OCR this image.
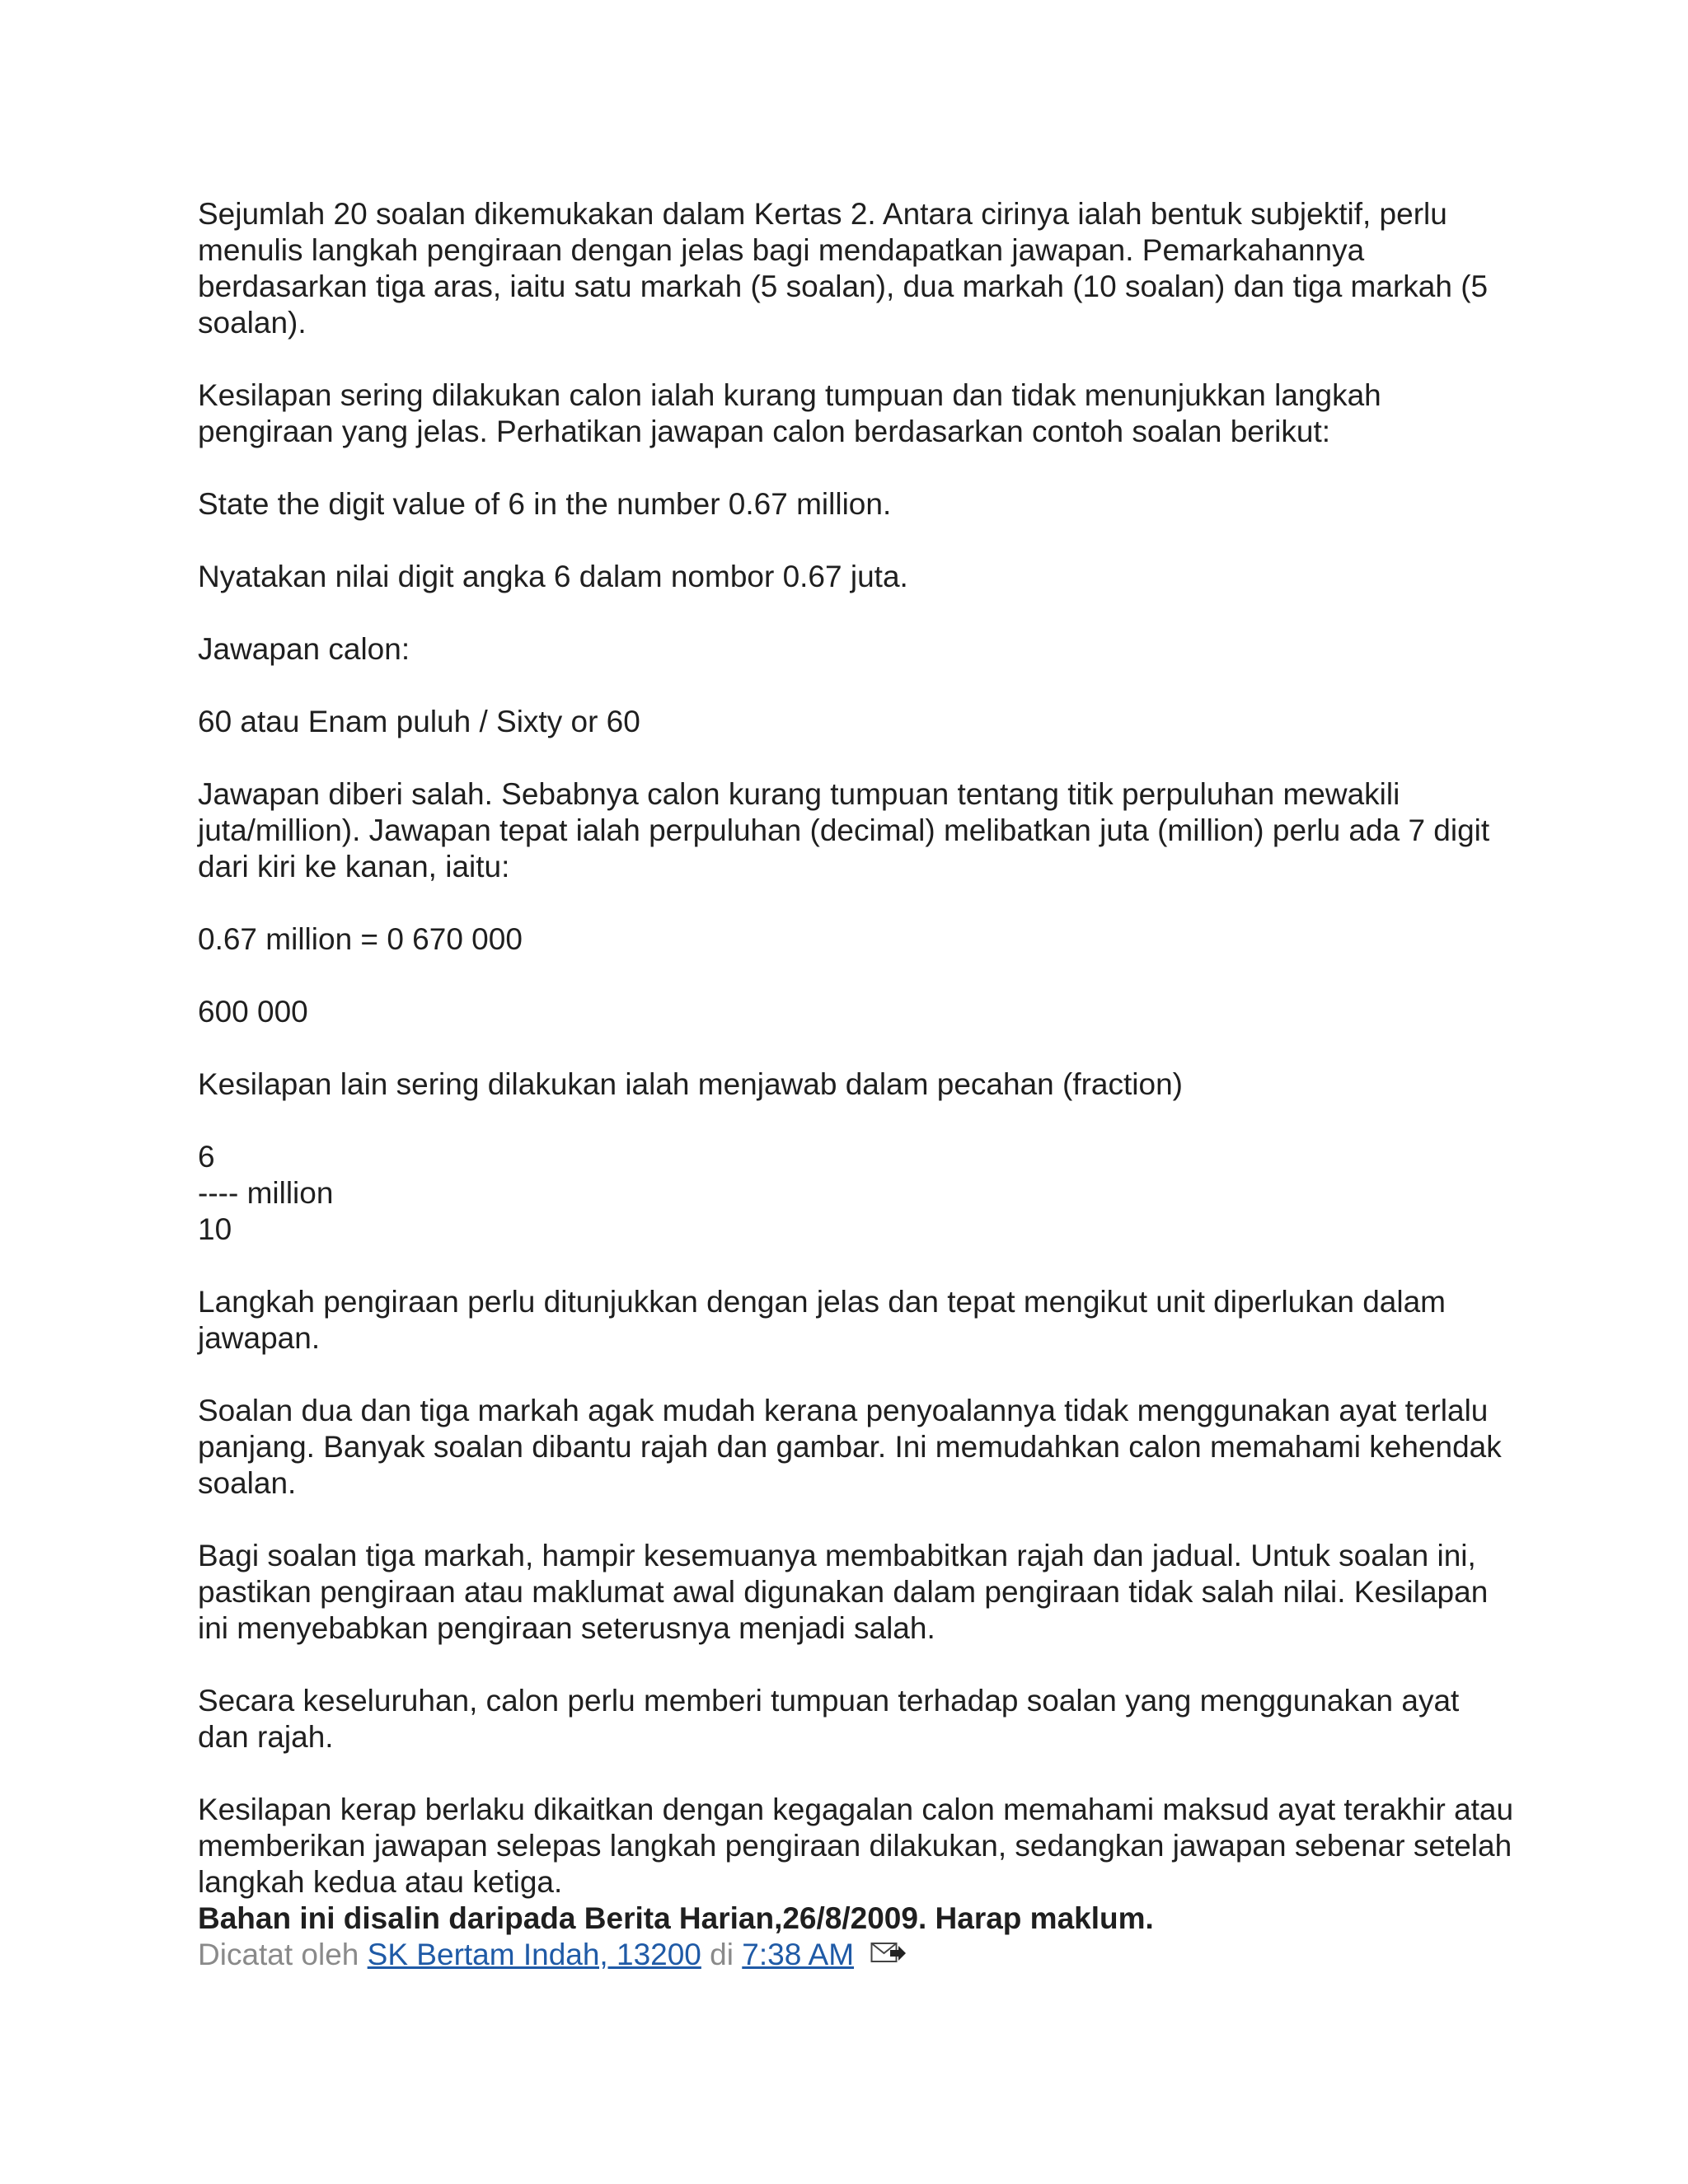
Sejumlah 20 soalan dikemukakan dalam Kertas 2. Antara cirinya ialah bentuk subjektif, perlu menulis langkah pengiraan dengan jelas bagi mendapatkan jawapan. Pemarkahannya berdasarkan tiga aras, iaitu satu markah (5 soalan), dua markah (10 soalan) dan tiga markah (5 soalan).

Kesilapan sering dilakukan calon ialah kurang tumpuan dan tidak menunjukkan langkah pengiraan yang jelas. Perhatikan jawapan calon berdasarkan contoh soalan berikut:

State the digit value of 6 in the number 0.67 million.

Nyatakan nilai digit angka 6 dalam nombor 0.67 juta.

Jawapan calon:

60 atau Enam puluh / Sixty or 60

Jawapan diberi salah. Sebabnya calon kurang tumpuan tentang titik perpuluhan mewakili juta/million). Jawapan tepat ialah perpuluhan (decimal) melibatkan juta (million) perlu ada 7 digit dari kiri ke kanan, iaitu:

0.67 million = 0 670 000

600 000

Kesilapan lain sering dilakukan ialah menjawab dalam pecahan (fraction)

6
---- million
10

Langkah pengiraan perlu ditunjukkan dengan jelas dan tepat mengikut unit diperlukan dalam jawapan.

Soalan dua dan tiga markah agak mudah kerana penyoalannya tidak menggunakan ayat terlalu panjang. Banyak soalan dibantu rajah dan gambar. Ini memudahkan calon memahami kehendak soalan.

Bagi soalan tiga markah, hampir kesemuanya membabitkan rajah dan jadual. Untuk soalan ini, pastikan pengiraan atau maklumat awal digunakan dalam pengiraan tidak salah nilai. Kesilapan ini menyebabkan pengiraan seterusnya menjadi salah.

Secara keseluruhan, calon perlu memberi tumpuan terhadap soalan yang menggunakan ayat dan rajah.

Kesilapan kerap berlaku dikaitkan dengan kegagalan calon memahami maksud ayat terakhir atau memberikan jawapan selepas langkah pengiraan dilakukan, sedangkan jawapan sebenar setelah langkah kedua atau ketiga.

Bahan ini disalin daripada Berita Harian,26/8/2009. Harap maklum.

Dicatat oleh SK Bertam Indah, 13200 di 7:38 AM
